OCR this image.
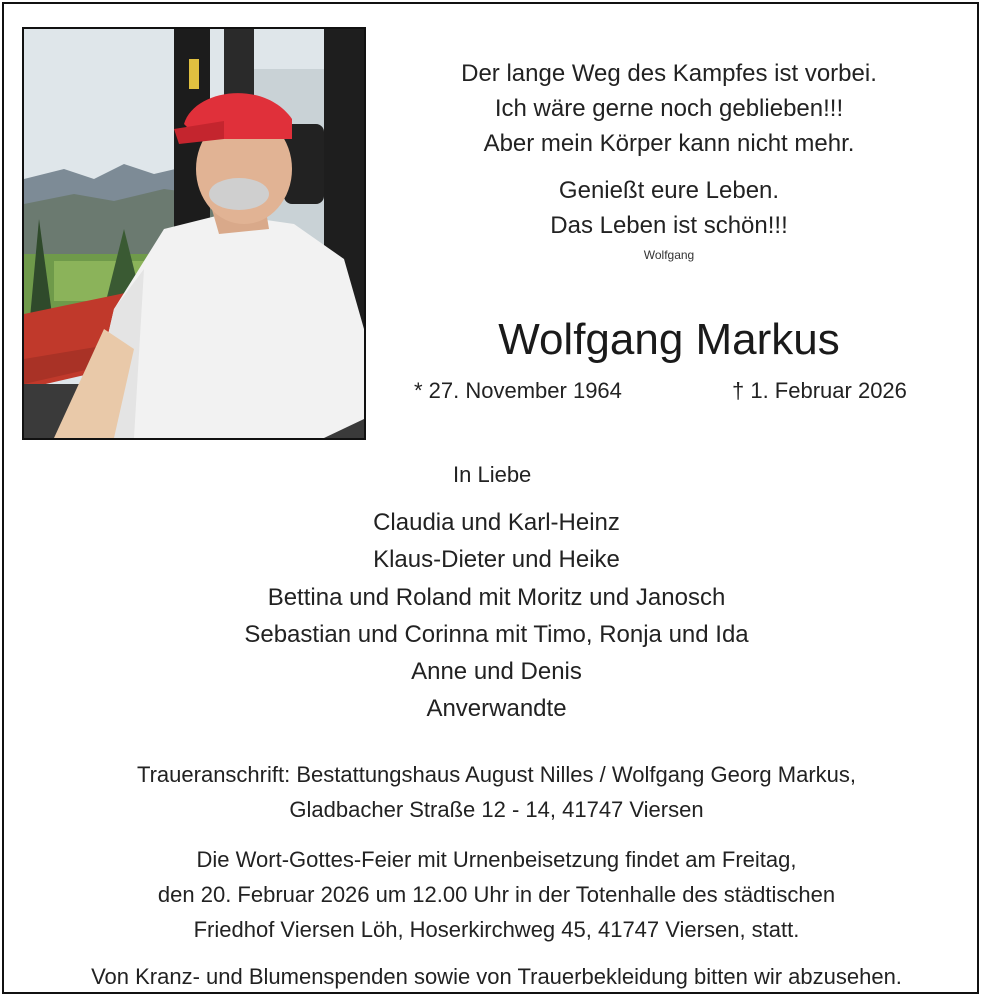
Der lange Weg des Kampfes ist vorbei.
Ich wäre gerne noch geblieben!!!
Aber mein Körper kann nicht mehr.
Genießt eure Leben.
Das Leben ist schön!!!
Wolfgang
Wolfgang Markus
* 27. November 1964	† 1. Februar 2026
In Liebe
Claudia und Karl-Heinz
Klaus-Dieter und Heike
Bettina und Roland mit Moritz und Janosch
Sebastian und Corinna mit Timo, Ronja und Ida
Anne und Denis
Anverwandte
Traueranschrift: Bestattungshaus August Nilles / Wolfgang Georg Markus,
Gladbacher Straße 12 - 14, 41747 Viersen
Die Wort-Gottes-Feier mit Urnenbeisetzung findet am Freitag,
den 20. Februar 2026 um 12.00 Uhr in der Totenhalle des städtischen
Friedhof Viersen Löh, Hoserkirchweg 45, 41747 Viersen, statt.
Von Kranz- und Blumenspenden sowie von Trauerbekleidung bitten wir abzusehen.
